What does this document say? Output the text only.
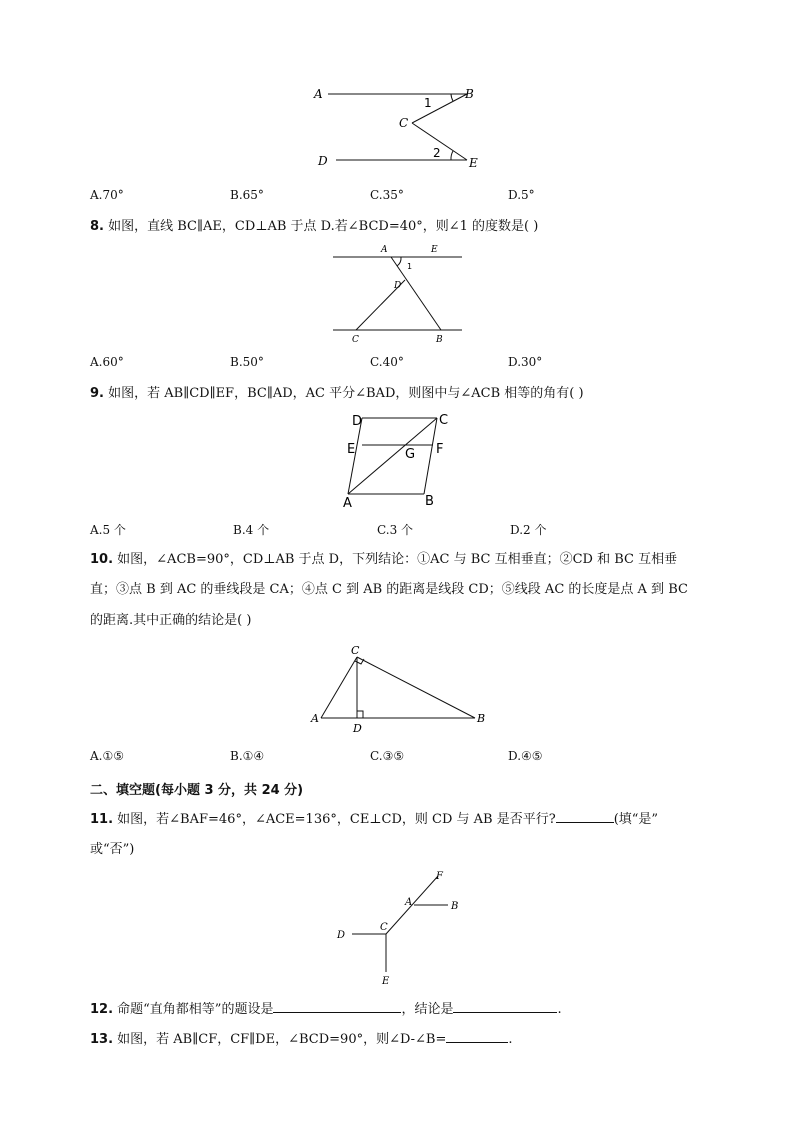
A	B
C
D	E
1
2
A.70°	B.65°	C.35°	D.5°
8. 如图，直线 BC∥AE，CD⊥AB 于点 D.若∠BCD=40°，则∠1 的度数是( )
A	E
1
D
C	B
A.60°	B.50°	C.40°	D.30°
9. 如图，若 AB∥CD∥EF，BC∥AD，AC 平分∠BAD，则图中与∠ACB 相等的角有( )
D	C
E	F
G
A	B
A.5 个	B.4 个	C.3 个	D.2 个
10. 如图，∠ACB=90°，CD⊥AB 于点 D，下列结论：①AC 与 BC 互相垂直；②CD 和 BC 互相垂
直；③点 B 到 AC 的垂线段是 CA；④点 C 到 AB 的距离是线段 CD；⑤线段 AC 的长度是点 A 到 BC
的距离.其中正确的结论是( )
C
A
D
B
A.①⑤	B.①④	C.③⑤	D.④⑤
二、填空题(每小题 3 分，共 24 分)
11. 如图，若∠BAF=46°，∠ACE=136°，CE⊥CD，则 CD 与 AB 是否平行?	(填“是”
或“否”)
F
A	B
D
C
E
12. 命题“直角都相等”的题设是	，结论是	.
13. 如图，若 AB∥CF，CF∥DE，∠BCD=90°，则∠D-∠B=	.
